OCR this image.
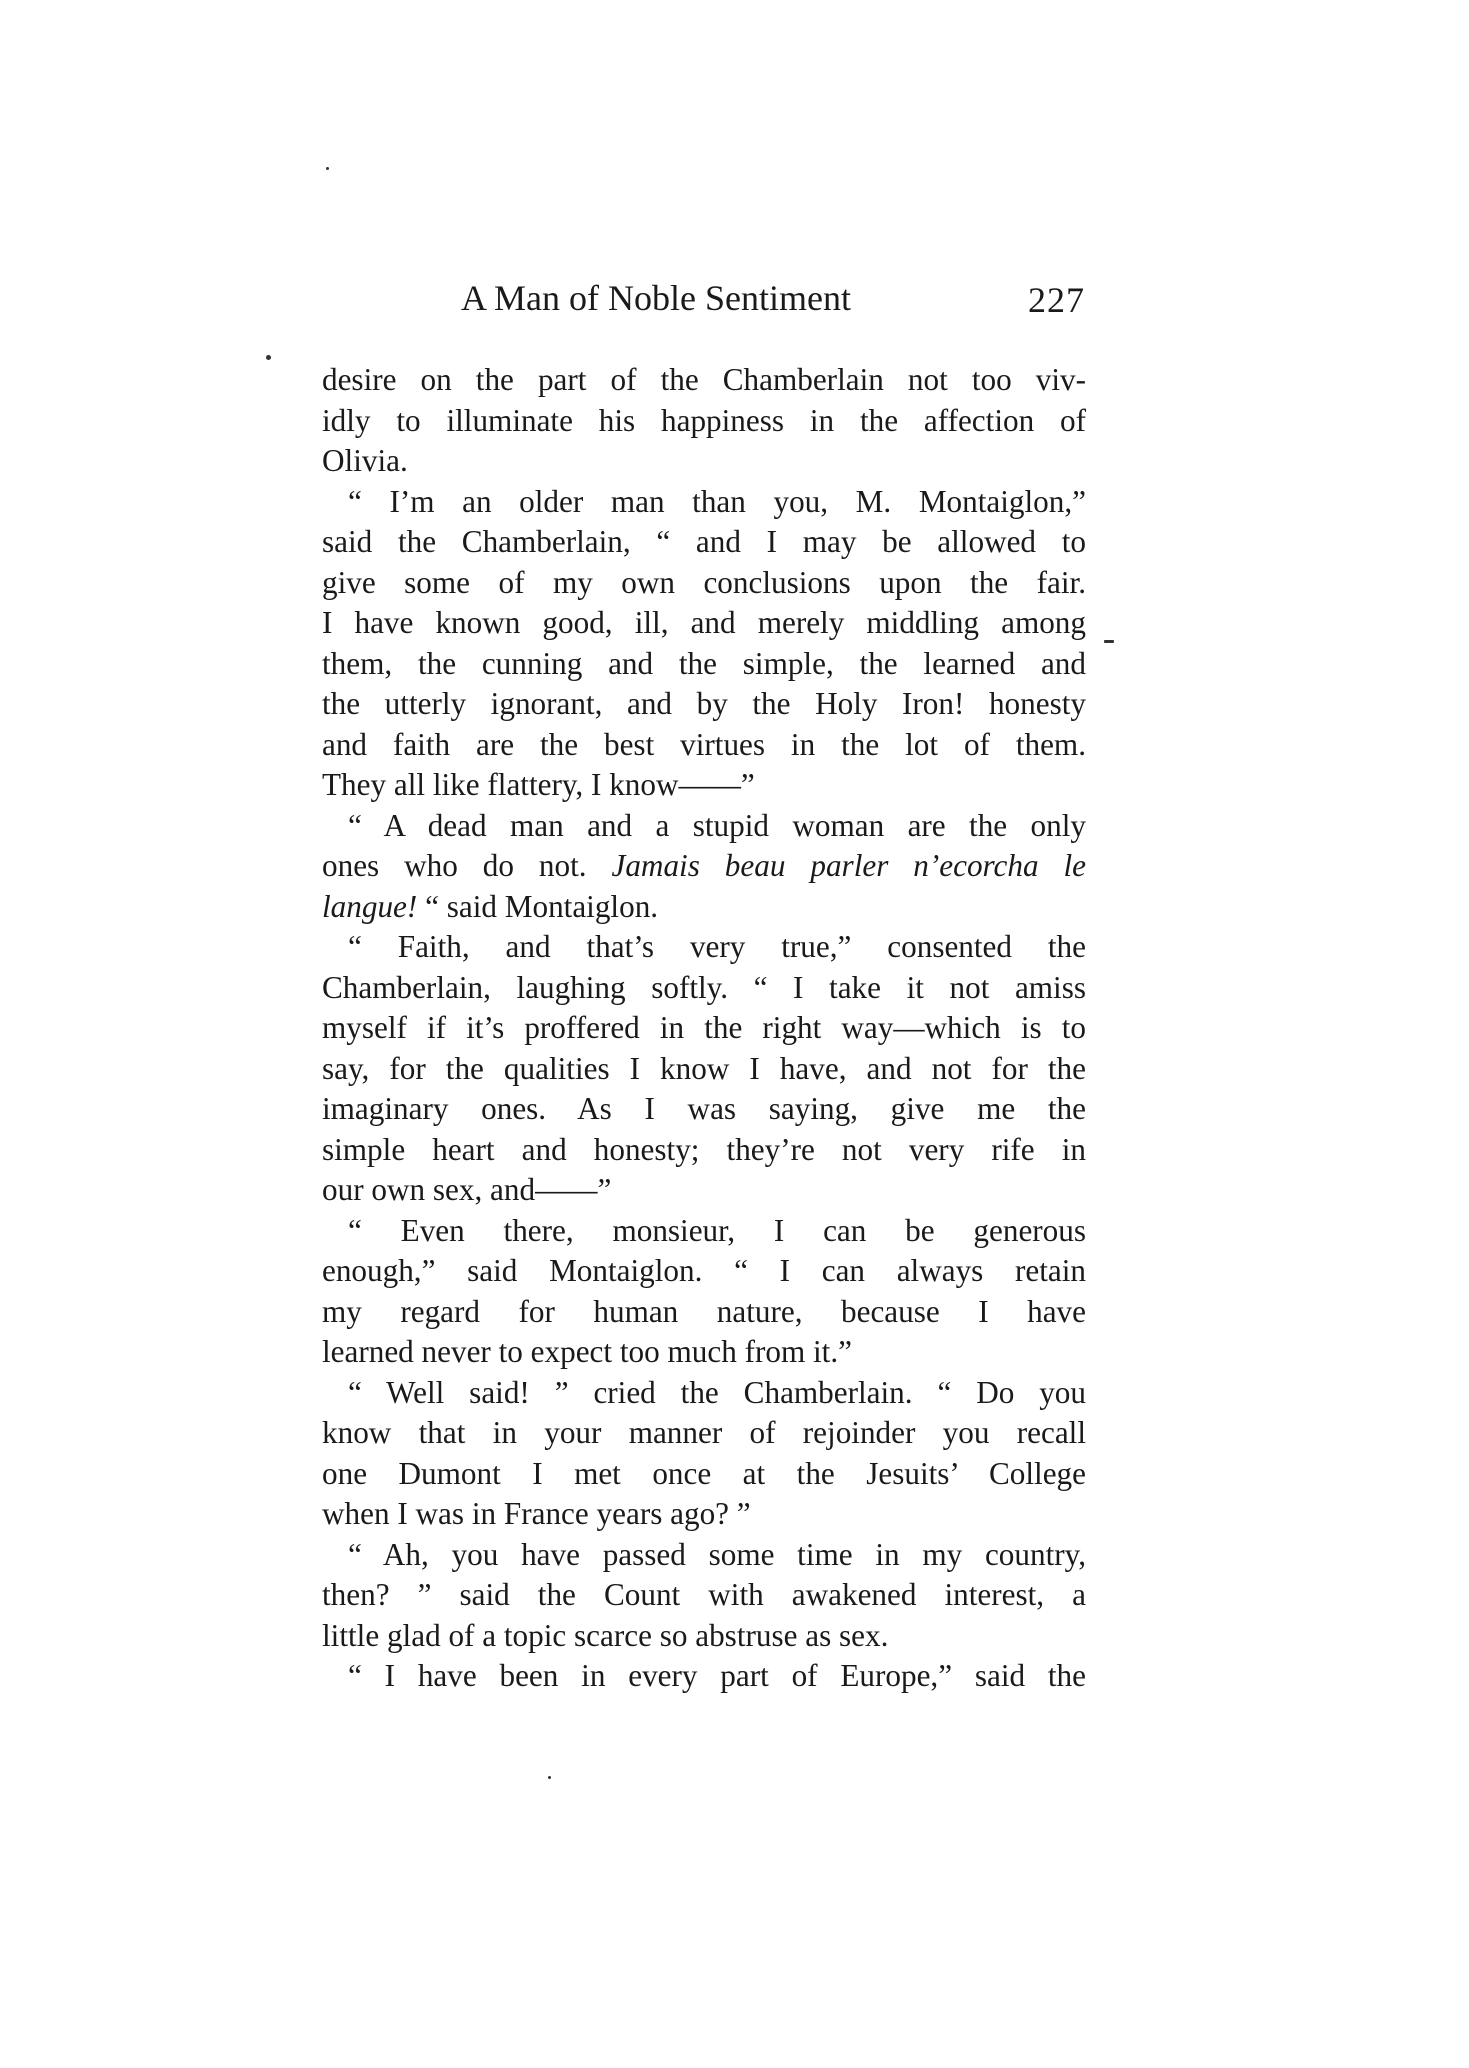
A Man of Noble Sentiment	227
desire on the part of the Chamberlain not too viv-
idly to illuminate his happiness in the affection of
Olivia.
“ I’m an older man than you, M. Montaiglon,”
said the Chamberlain, “ and I may be allowed to
give some of my own conclusions upon the fair.
I have known good, ill, and merely middling among
them, the cunning and the simple, the learned and
the utterly ignorant, and by the Holy Iron! honesty
and faith are the best virtues in the lot of them.
They all like flattery, I know——”
“ A dead man and a stupid woman are the only
ones who do not. Jamais beau parler n’ecorcha le
langue! “ said Montaiglon.
“ Faith, and that’s very true,” consented the
Chamberlain, laughing softly. “ I take it not amiss
myself if it’s proffered in the right way—which is to
say, for the qualities I know I have, and not for the
imaginary ones. As I was saying, give me the
simple heart and honesty; they’re not very rife in
our own sex, and——”
“ Even there, monsieur, I can be generous
enough,” said Montaiglon. “ I can always retain
my regard for human nature, because I have
learned never to expect too much from it.”
“ Well said! ” cried the Chamberlain. “ Do you
know that in your manner of rejoinder you recall
one Dumont I met once at the Jesuits’ College
when I was in France years ago? ”
“ Ah, you have passed some time in my country,
then? ” said the Count with awakened interest, a
little glad of a topic scarce so abstruse as sex.
“ I have been in every part of Europe,” said the
